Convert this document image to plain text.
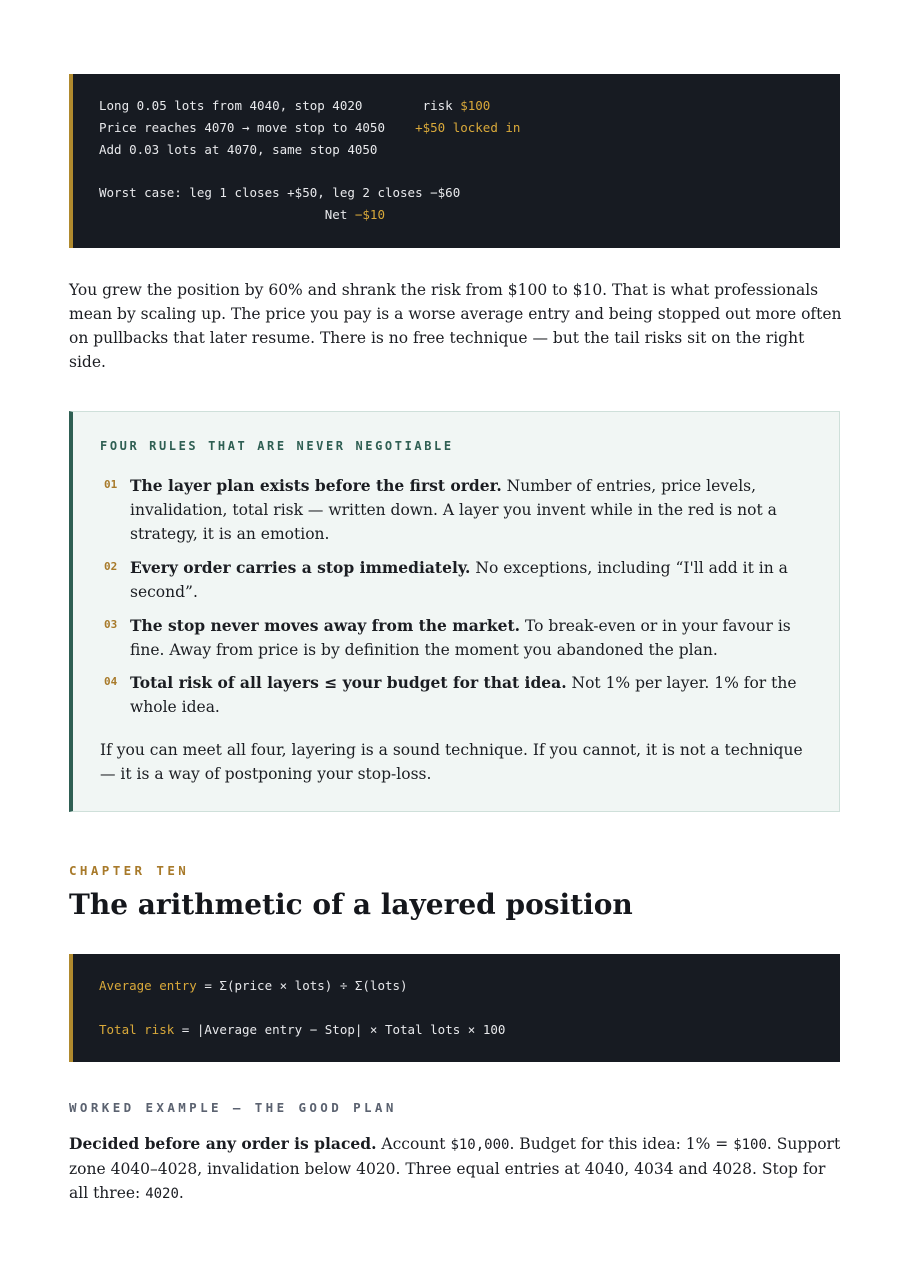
Long 0.05 lots from 4040, stop 4020        risk $100
Price reaches 4070 → move stop to 4050    +$50 locked in
Add 0.03 lots at 4070, same stop 4050
Worst case: leg 1 closes +$50, leg 2 closes −$60
Net −$10

You grew the position by 60% and shrank the risk from $100 to $10. That is what professionals mean by scaling up. The price you pay is a worse average entry and being stopped out more often on pullbacks that later resume. There is no free technique — but the tail risks sit on the right side.

FOUR RULES THAT ARE NEVER NEGOTIABLE
01 The layer plan exists before the first order. Number of entries, price levels, invalidation, total risk — written down. A layer you invent while in the red is not a strategy, it is an emotion.
02 Every order carries a stop immediately. No exceptions, including “I'll add it in a second”.
03 The stop never moves away from the market. To break-even or in your favour is fine. Away from price is by definition the moment you abandoned the plan.
04 Total risk of all layers ≤ your budget for that idea. Not 1% per layer. 1% for the whole idea.
If you can meet all four, layering is a sound technique. If you cannot, it is not a technique — it is a way of postponing your stop-loss.
CHAPTER TEN
The arithmetic of a layered position
Average entry = Σ(price × lots) ÷ Σ(lots)
Total risk = |Average entry − Stop| × Total lots × 100
WORKED EXAMPLE — THE GOOD PLAN

Decided before any order is placed. Account $10,000. Budget for this idea: 1% = $100. Support zone 4040–4028, invalidation below 4020. Three equal entries at 4040, 4034 and 4028. Stop for all three: 4020.
